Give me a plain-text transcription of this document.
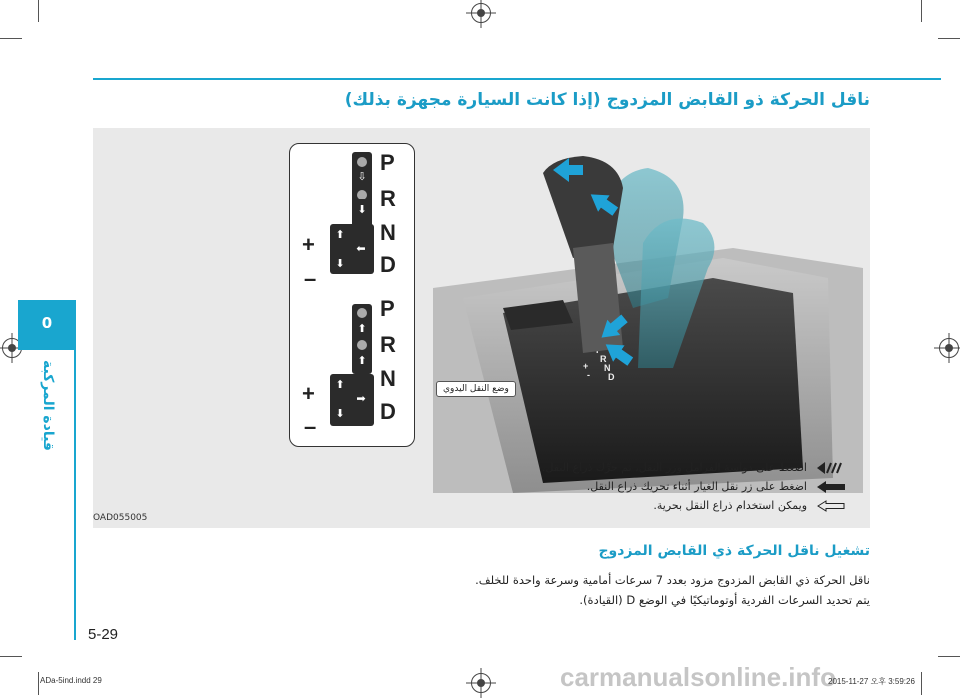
ناقل الحركة ذو القابض المزدوج (إذا كانت السيارة مجهزة بذلك)
0
قيادة المركبة
⇩
⬇
⬆
⬅
⬇
P
R
N
D
+
–
⬆
⬆
⬆
➡
⬇
P
R
N
D
+
–
R
N
D
+
-
وضع النقل اليدوي
اضغط على دواسة الفرامل وزر النقل، ثم حرِّك ذراع النقل.
اضغط على زر نقل الغيار أثناء تحريك ذراع النقل.
ويمكن استخدام ذراع النقل بحرية.
OAD055005
تشغيل ناقل الحركة ذي القابض المزدوج
ناقل الحركة ذي القابض المزدوج مزود بعدد 7 سرعات أمامية وسرعة واحدة للخلف.
يتم تحديد السرعات الفردية أوتوماتيكيًا في الوضع D (القيادة).
5-29
ADa-5ind.indd 29	carmanualsonline.info
2015-11-27 오후 3:59:26
